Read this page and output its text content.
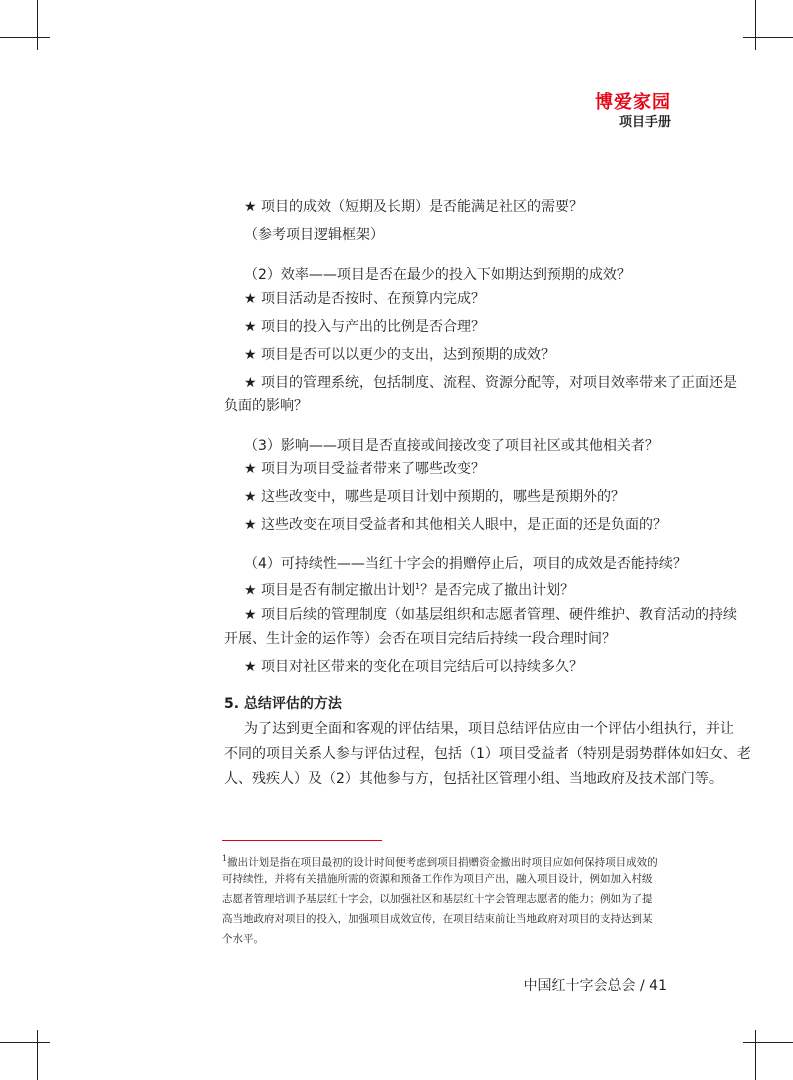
博爱家园
项目手册
★ 项目的成效（短期及长期）是否能满足社区的需要？
（参考项目逻辑框架）
（2）效率——项目是否在最少的投入下如期达到预期的成效？
★ 项目活动是否按时、在预算内完成？
★ 项目的投入与产出的比例是否合理？
★ 项目是否可以以更少的支出，达到预期的成效？
★ 项目的管理系统，包括制度、流程、资源分配等，对项目效率带来了正面还是
负面的影响？
（3）影响——项目是否直接或间接改变了项目社区或其他相关者？
★ 项目为项目受益者带来了哪些改变？
★ 这些改变中，哪些是项目计划中预期的，哪些是预期外的？
★ 这些改变在项目受益者和其他相关人眼中，是正面的还是负面的？
（4）可持续性——当红十字会的捐赠停止后，项目的成效是否能持续？
★ 项目是否有制定撤出计划$^1$？是否完成了撤出计划？
★ 项目后续的管理制度（如基层组织和志愿者管理、硬件维护、教育活动的持续
开展、生计金的运作等）会否在项目完结后持续一段合理时间？
★ 项目对社区带来的变化在项目完结后可以持续多久？
5. 总结评估的方法
为了达到更全面和客观的评估结果，项目总结评估应由一个评估小组执行，并让
不同的项目关系人参与评估过程，包括（1）项目受益者（特别是弱势群体如妇女、老
人、残疾人）及（2）其他参与方，包括社区管理小组、当地政府及技术部门等。
$^1$撤出计划是指在项目最初的设计时间便考虑到项目捐赠资金撤出时项目应如何保持项目成效的
可持续性，并将有关措施所需的资源和预备工作作为项目产出，融入项目设计，例如加入村级
志愿者管理培训予基层红十字会，以加强社区和基层红十字会管理志愿者的能力；例如为了提
高当地政府对项目的投入，加强项目成效宣传，在项目结束前让当地政府对项目的支持达到某
个水平。
中国红十字会总会 / 41
